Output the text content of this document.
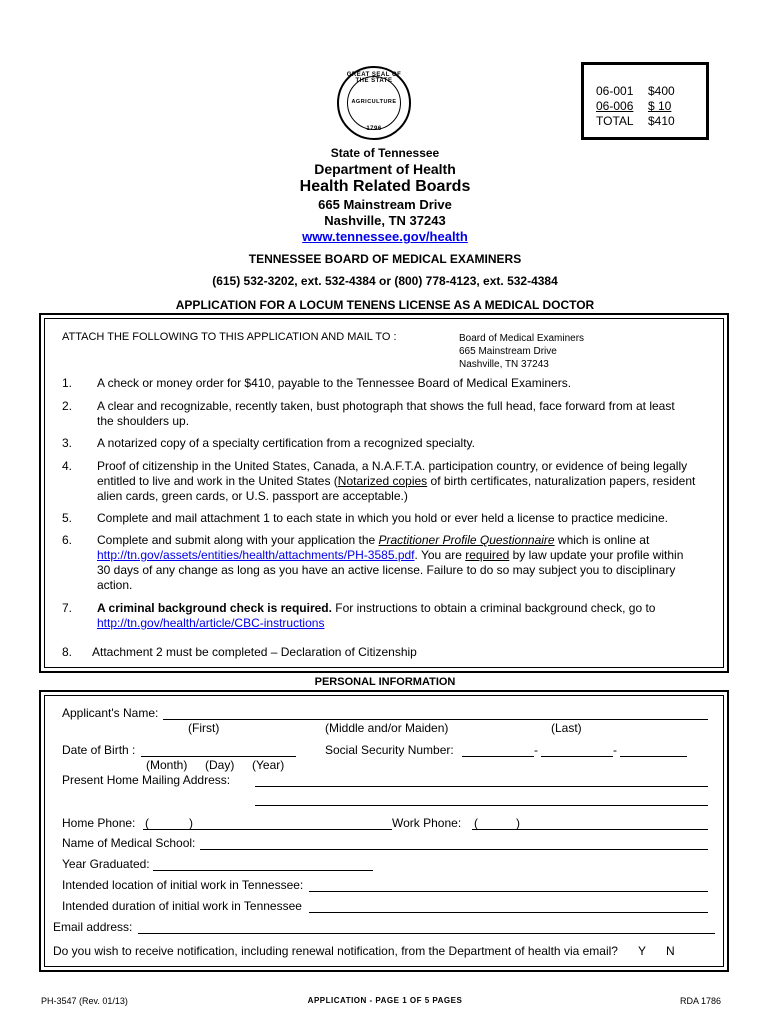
GREAT SEAL OF THE STATE
AGRICULTURE
1796
06-001 $400
06-006 $ 10
TOTAL $410
State of Tennessee
Department of Health
Health Related Boards
665 Mainstream Drive
Nashville, TN 37243
www.tennessee.gov/health
TENNESSEE BOARD OF MEDICAL EXAMINERS
(615) 532-3202, ext. 532-4384 or (800) 778-4123, ext. 532-4384
APPLICATION FOR A LOCUM TENENS LICENSE AS A MEDICAL DOCTOR
ATTACH THE FOLLOWING TO THIS APPLICATION AND MAIL TO :	Board of Medical Examiners
665 Mainstream Drive
Nashville, TN 37243
1. A check or money order for $410, payable to the Tennessee Board of Medical Examiners.
2. A clear and recognizable, recently taken, bust photograph that shows the full head, face forward from at least
the shoulders up.
3. A notarized copy of a specialty certification from a recognized specialty.
4. Proof of citizenship in the United States, Canada, a N.A.F.T.A. participation country, or evidence of being legally
entitled to live and work in the United States (Notarized copies of birth certificates, naturalization papers, resident
alien cards, green cards, or U.S. passport are acceptable.)
5. Complete and mail attachment 1 to each state in which you hold or ever held a license to practice medicine.
6. Complete and submit along with your application the Practitioner Profile Questionnaire which is online at
http://tn.gov/assets/entities/health/attachments/PH-3585.pdf. You are required by law update your profile within
30 days of any change as long as you have an active license. Failure to do so may subject you to disciplinary
action.
7. A criminal background check is required. For instructions to obtain a criminal background check, go to
http://tn.gov/health/article/CBC-instructions
8. Attachment 2 must be completed – Declaration of Citizenship
PERSONAL INFORMATION
Applicant's Name:
(First)	(Middle and/or Maiden)	(Last)
Date of Birth :	Social Security Number:	-	-
(Month) (Day) (Year)
Present Home Mailing Address:
Home Phone: (	)	Work Phone: (	)
Name of Medical School:
Year Graduated:
Intended location of initial work in Tennessee:
Intended duration of initial work in Tennessee
Email address:
Do you wish to receive notification, including renewal notification, from the Department of health via email? Y N
PH-3547 (Rev. 01/13)	APPLICATION - PAGE 1 OF 5 PAGES	RDA 1786
